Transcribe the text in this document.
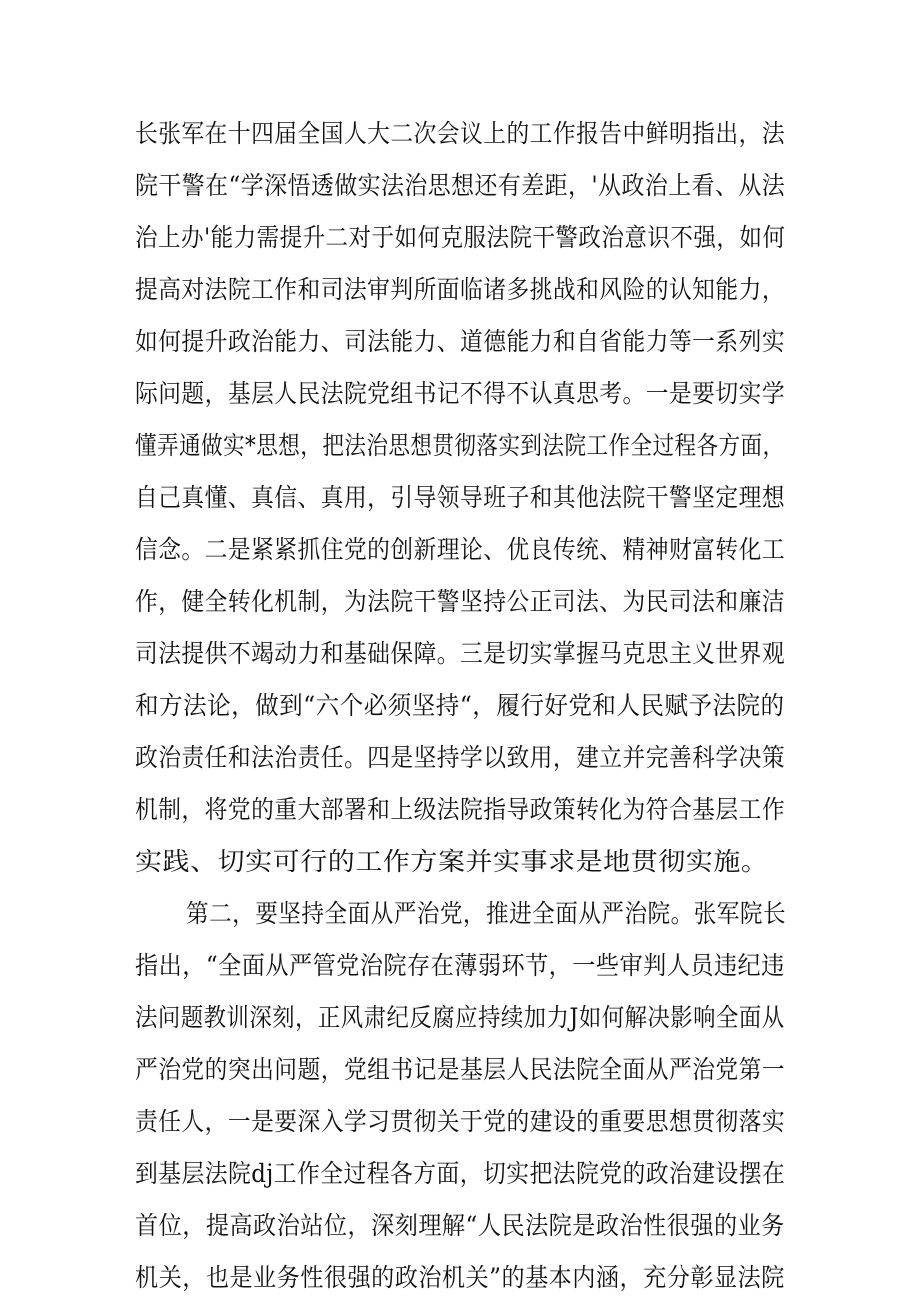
长张军在十四届全国人大二次会议上的工作报告中鲜明指出，法
院干警在“学深悟透做实法治思想还有差距，'从政治上看、从法
治上办'能力需提升二对于如何克服法院干警政治意识不强，如何
提高对法院工作和司法审判所面临诸多挑战和风险的认知能力，
如何提升政治能力、司法能力、道德能力和自省能力等一系列实
际问题，基层人民法院党组书记不得不认真思考。一是要切实学
懂弄通做实*思想，把法治思想贯彻落实到法院工作全过程各方面，
自己真懂、真信、真用，引导领导班子和其他法院干警坚定理想
信念。二是紧紧抓住党的创新理论、优良传统、精神财富转化工
作，健全转化机制，为法院干警坚持公正司法、为民司法和廉洁
司法提供不竭动力和基础保障。三是切实掌握马克思主义世界观
和方法论，做到“六个必须坚持“，履行好党和人民赋予法院的
政治责任和法治责任。四是坚持学以致用，建立并完善科学决策
机制，将党的重大部署和上级法院指导政策转化为符合基层工作
实践、切实可行的工作方案并实事求是地贯彻实施。
第二，要坚持全面从严治党，推进全面从严治院。张军院长
指出，“全面从严管党治院存在薄弱环节，一些审判人员违纪违
法问题教训深刻，正风肃纪反腐应持续加力J如何解决影响全面从
严治党的突出问题，党组书记是基层人民法院全面从严治党第一
责任人，一是要深入学习贯彻关于党的建设的重要思想贯彻落实
到基层法院dj工作全过程各方面，切实把法院党的政治建设摆在
首位，提高政治站位，深刻理解“人民法院是政治性很强的业务
机关，也是业务性很强的政治机关”的基本内涵，充分彰显法院
